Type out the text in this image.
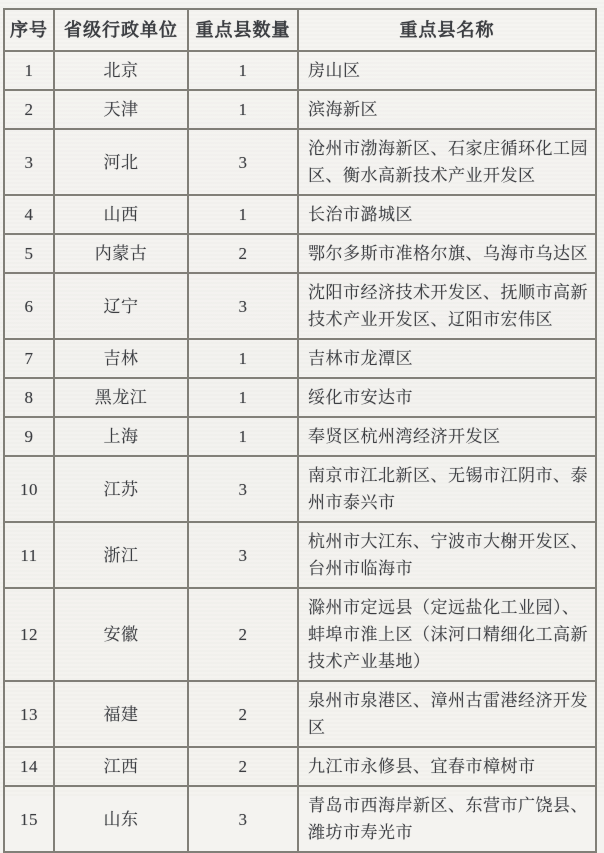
序号	省级行政单位	重点县数量	重点县名称
1	北京	1	房山区
2	天津	1	滨海新区
3	河北	3	沧州市渤海新区、石家庄循环化工园区、衡水高新技术产业开发区
4	山西	1	长治市潞城区
5	内蒙古	2	鄂尔多斯市准格尔旗、乌海市乌达区
6	辽宁	3	沈阳市经济技术开发区、抚顺市高新技术产业开发区、辽阳市宏伟区
7	吉林	1	吉林市龙潭区
8	黑龙江	1	绥化市安达市
9	上海	1	奉贤区杭州湾经济开发区
10	江苏	3	南京市江北新区、无锡市江阴市、泰州市泰兴市
11	浙江	3	杭州市大江东、宁波市大榭开发区、台州市临海市
12	安徽	2	滁州市定远县（定远盐化工业园）、蚌埠市淮上区（沫河口精细化工高新技术产业基地）
13	福建	2	泉州市泉港区、漳州古雷港经济开发区
14	江西	2	九江市永修县、宜春市樟树市
15	山东	3	青岛市西海岸新区、东营市广饶县、潍坊市寿光市
